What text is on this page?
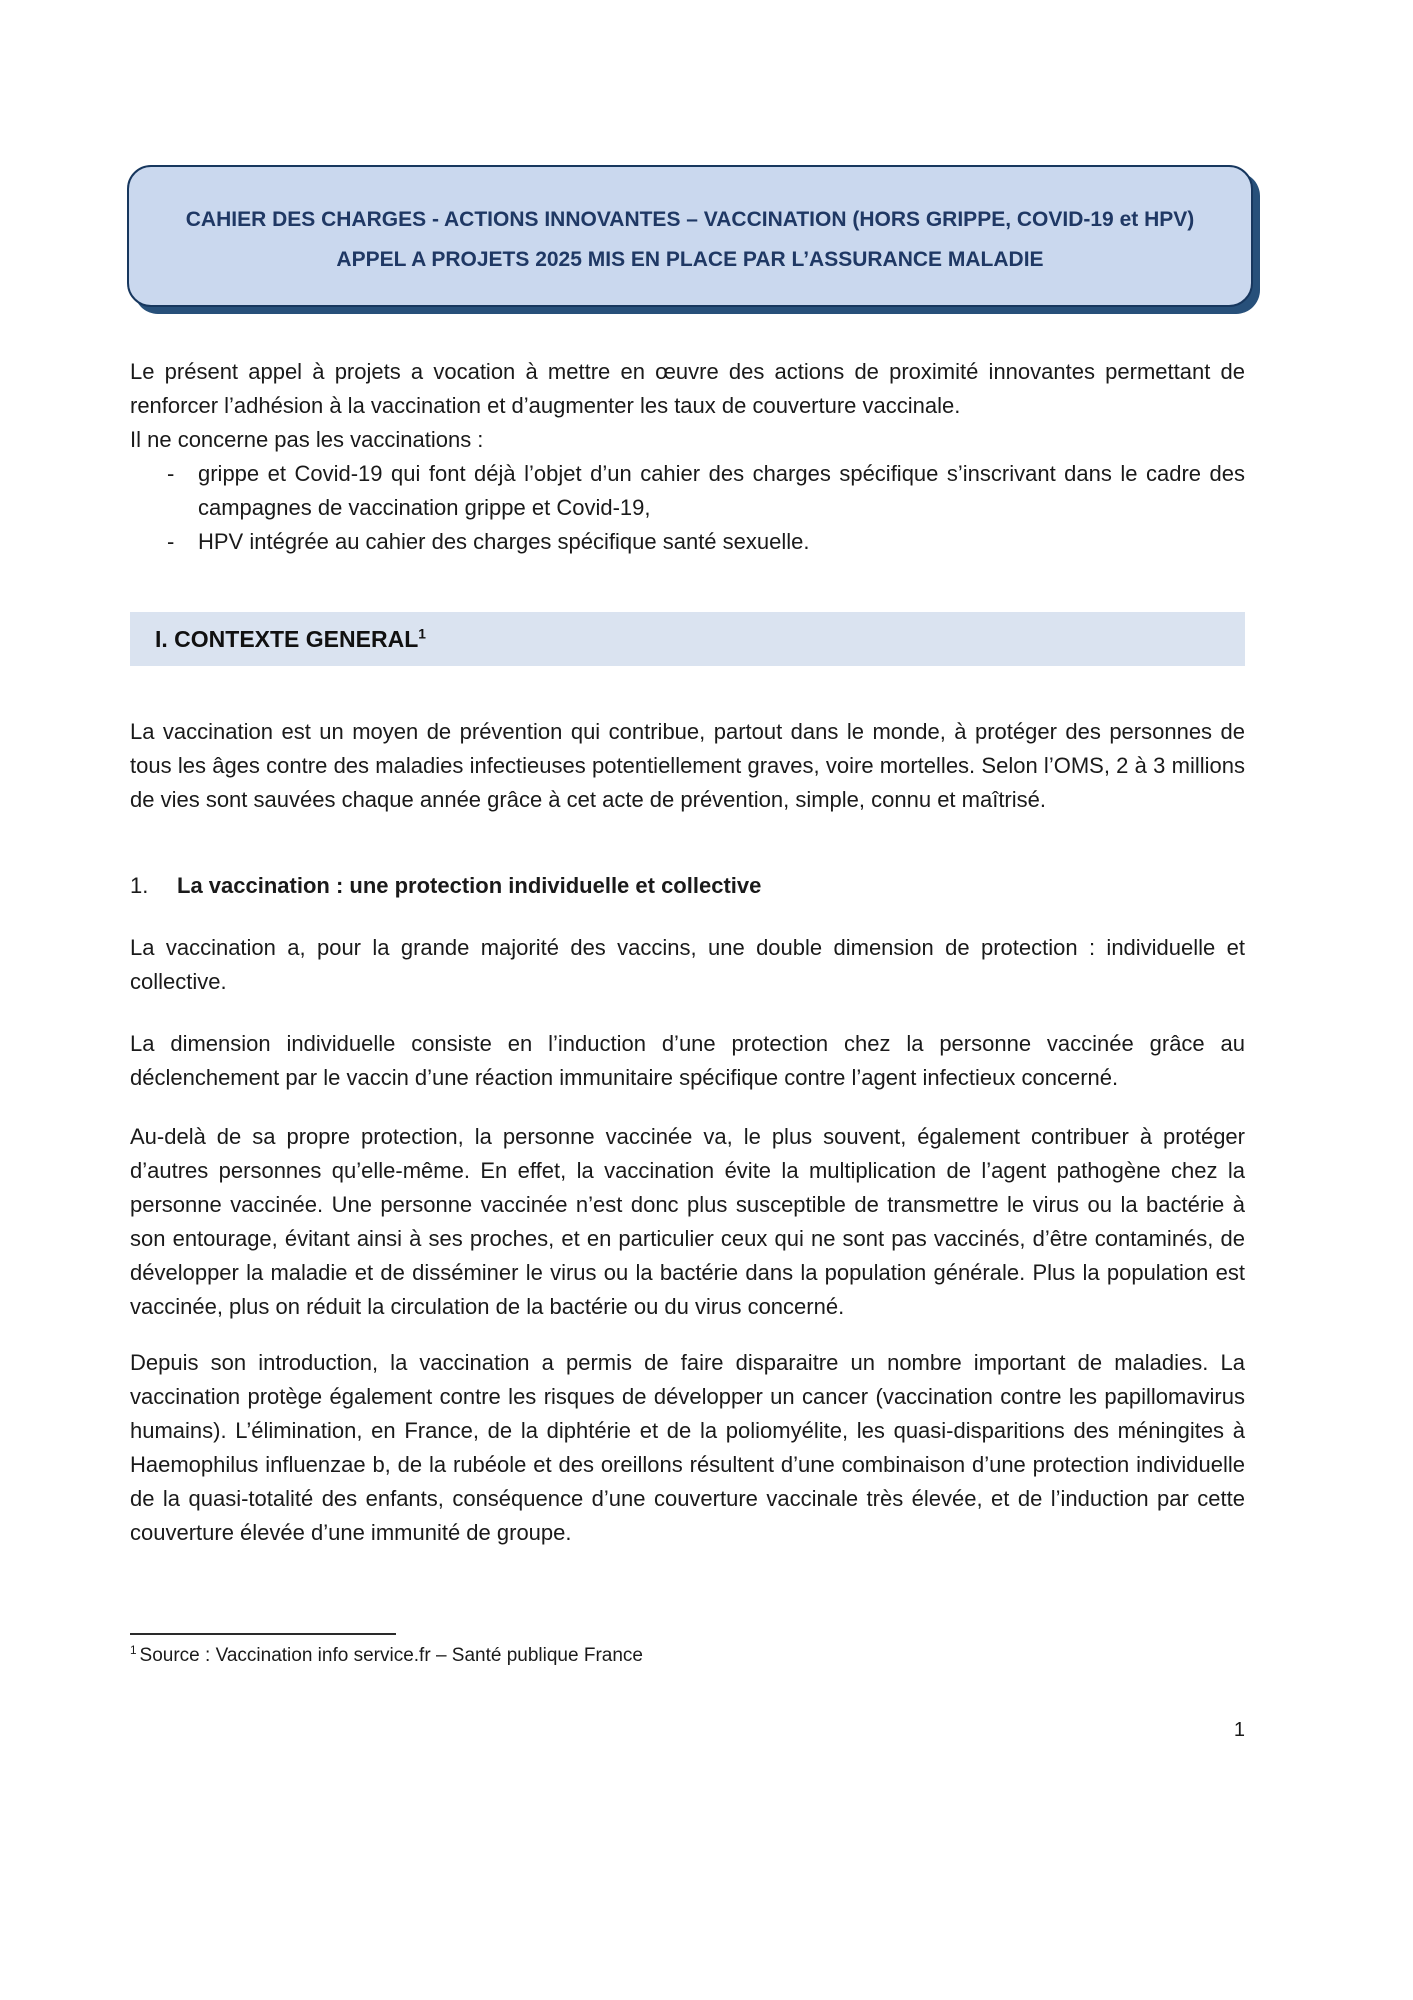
CAHIER DES CHARGES - ACTIONS INNOVANTES – VACCINATION (HORS GRIPPE, COVID-19 et HPV)
APPEL A PROJETS 2025 MIS EN PLACE PAR L’ASSURANCE MALADIE

Le présent appel à projets a vocation à mettre en œuvre des actions de proximité innovantes permettant de renforcer l’adhésion à la vaccination et d’augmenter les taux de couverture vaccinale.

Il ne concerne pas les vaccinations :
- grippe et Covid-19 qui font déjà l’objet d’un cahier des charges spécifique s’inscrivant dans le cadre des campagnes de vaccination grippe et Covid-19,
- HPV intégrée au cahier des charges spécifique santé sexuelle.
I. CONTEXTE GENERAL$^1$

La vaccination est un moyen de prévention qui contribue, partout dans le monde, à protéger des personnes de tous les âges contre des maladies infectieuses potentiellement graves, voire mortelles. Selon l’OMS, 2 à 3 millions de vies sont sauvées chaque année grâce à cet acte de prévention, simple, connu et maîtrisé.

1. La vaccination : une protection individuelle et collective

La vaccination a, pour la grande majorité des vaccins, une double dimension de protection : individuelle et collective.

La dimension individuelle consiste en l’induction d’une protection chez la personne vaccinée grâce au déclenchement par le vaccin d’une réaction immunitaire spécifique contre l’agent infectieux concerné.

Au-delà de sa propre protection, la personne vaccinée va, le plus souvent, également contribuer à protéger d’autres personnes qu’elle-même. En effet, la vaccination évite la multiplication de l’agent pathogène chez la personne vaccinée. Une personne vaccinée n’est donc plus susceptible de transmettre le virus ou la bactérie à son entourage, évitant ainsi à ses proches, et en particulier ceux qui ne sont pas vaccinés, d’être contaminés, de développer la maladie et de disséminer le virus ou la bactérie dans la population générale. Plus la population est vaccinée, plus on réduit la circulation de la bactérie ou du virus concerné.

Depuis son introduction, la vaccination a permis de faire disparaitre un nombre important de maladies. La vaccination protège également contre les risques de développer un cancer (vaccination contre les papillomavirus humains). L’élimination, en France, de la diphtérie et de la poliomyélite, les quasi-disparitions des méningites à Haemophilus influenzae b, de la rubéole et des oreillons résultent d’une combinaison d’une protection individuelle de la quasi-totalité des enfants, conséquence d’une couverture vaccinale très élevée, et de l’induction par cette couverture élevée d’une immunité de groupe.

$^1$ Source : Vaccination info service.fr – Santé publique France
1
